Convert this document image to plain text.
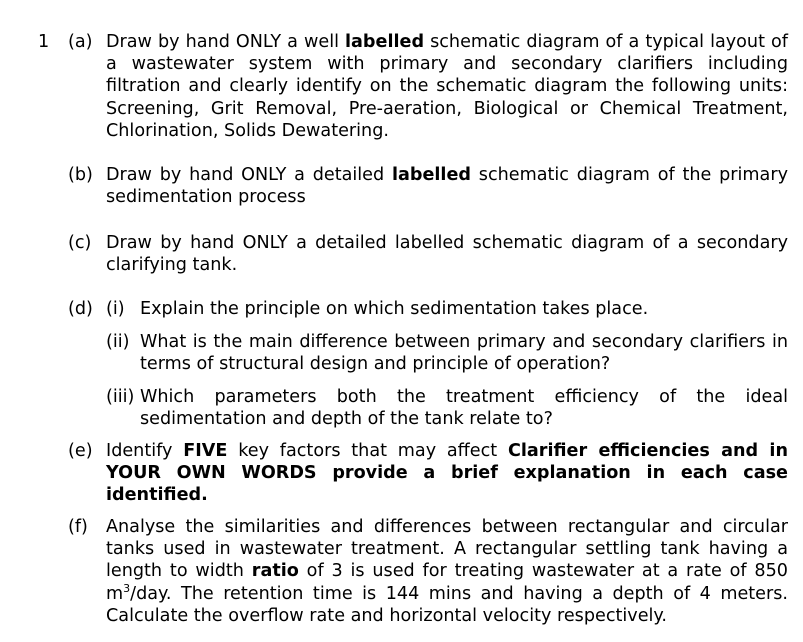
1 (a) Draw by hand ONLY a well labelled schematic diagram of a typical layout of a wastewater system with primary and secondary clarifiers including filtration and clearly identify on the schematic diagram the following units: Screening, Grit Removal, Pre-aeration, Biological or Chemical Treatment, Chlorination, Solids Dewatering.
(b) Draw by hand ONLY a detailed labelled schematic diagram of the primary sedimentation process
(c) Draw by hand ONLY a detailed labelled schematic diagram of a secondary clarifying tank.
(d) (i) Explain the principle on which sedimentation takes place.
(ii) What is the main difference between primary and secondary clarifiers in terms of structural design and principle of operation?
(iii) Which parameters both the treatment efficiency of the ideal sedimentation and depth of the tank relate to?
(e) Identify FIVE key factors that may affect Clarifier efficiencies and in YOUR OWN WORDS provide a brief explanation in each case identified.
(f) Analyse the similarities and differences between rectangular and circular tanks used in wastewater treatment. A rectangular settling tank having a length to width ratio of 3 is used for treating wastewater at a rate of 850 $m^3$/day. The retention time is 144 mins and having a depth of 4 meters. Calculate the overflow rate and horizontal velocity respectively.
